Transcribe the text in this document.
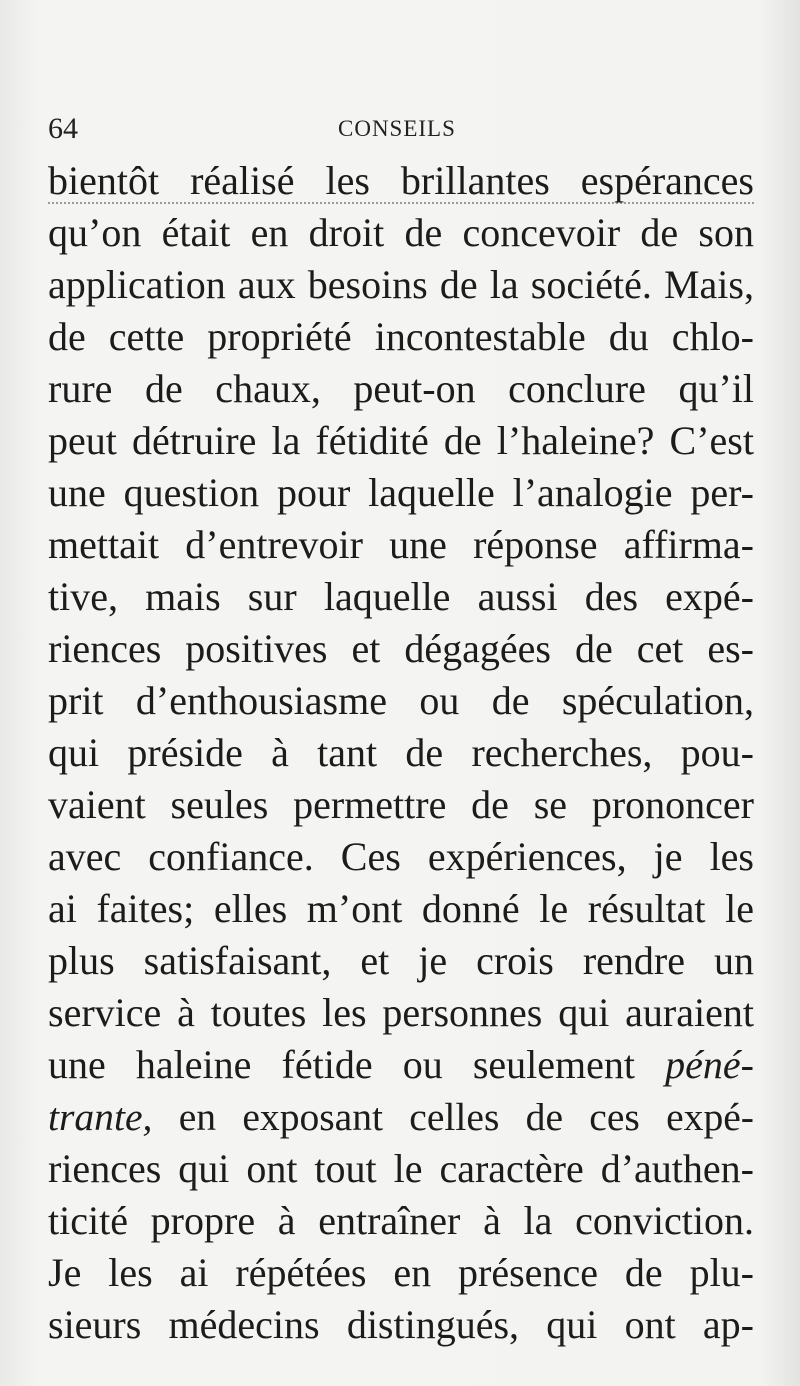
64	CONSEILS
bientôt réalisé les brillantes espérances
qu’on était en droit de concevoir de son
application aux besoins de la société. Mais,
de cette propriété incontestable du chlo-
rure de chaux, peut-on conclure qu’il
peut détruire la fétidité de l’haleine? C’est
une question pour laquelle l’analogie per-
mettait d’entrevoir une réponse affirma-
tive, mais sur laquelle aussi des expé-
riences positives et dégagées de cet es-
prit d’enthousiasme ou de spéculation,
qui préside à tant de recherches, pou-
vaient seules permettre de se prononcer
avec confiance. Ces expériences, je les
ai faites; elles m’ont donné le résultat le
plus satisfaisant, et je crois rendre un
service à toutes les personnes qui auraient
une haleine fétide ou seulement péné-
trante, en exposant celles de ces expé-
riences qui ont tout le caractère d’authen-
ticité propre à entraîner à la conviction.
Je les ai répétées en présence de plu-
sieurs médecins distingués, qui ont ap-
